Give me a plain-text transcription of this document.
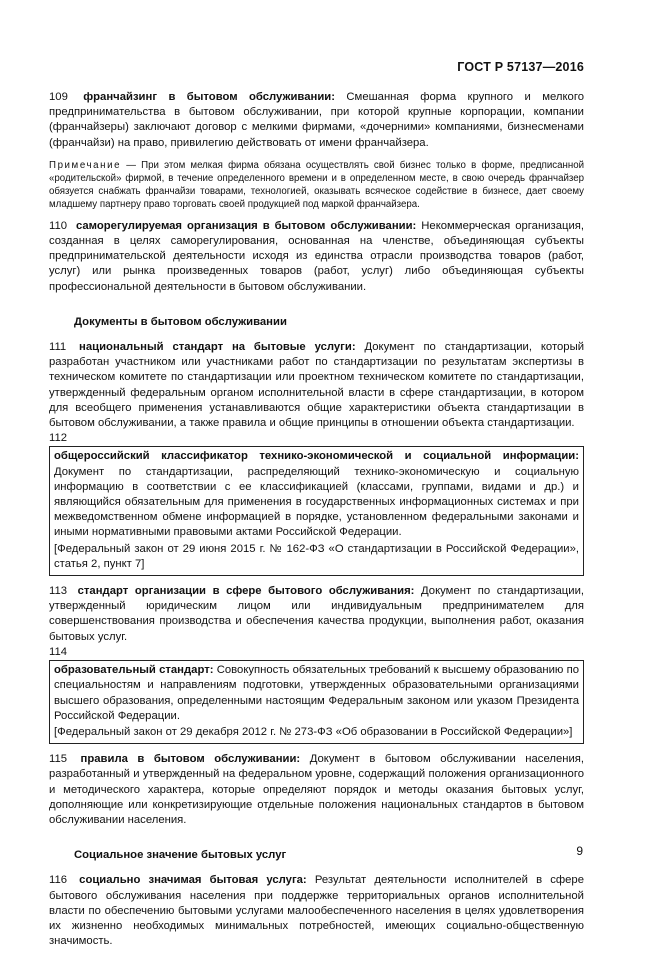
ГОСТ Р 57137—2016

109 франчайзинг в бытовом обслуживании: Смешанная форма крупного и мелкого предпринимательства в бытовом обслуживании, при которой крупные корпорации, компании (франчайзеры) заключают договор с мелкими фирмами, «дочерними» компаниями, бизнесменами (франчайзи) на право, привилегию действовать от имени франчайзера.

Примечание — При этом мелкая фирма обязана осуществлять свой бизнес только в форме, предписанной «родительской» фирмой, в течение определенного времени и в определенном месте, в свою очередь франчайзер обязуется снабжать франчайзи товарами, технологией, оказывать всяческое содействие в бизнесе, дает своему младшему партнеру право торговать своей продукцией под маркой франчайзера.

110 саморегулируемая организация в бытовом обслуживании: Некоммерческая организация, созданная в целях саморегулирования, основанная на членстве, объединяющая субъекты предпринимательской деятельности исходя из единства отрасли производства товаров (работ, услуг) или рынка произведенных товаров (работ, услуг) либо объединяющая субъекты профессиональной деятельности в бытовом обслуживании.

Документы в бытовом обслуживании

111 национальный стандарт на бытовые услуги: Документ по стандартизации, который разработан участником или участниками работ по стандартизации по результатам экспертизы в техническом комитете по стандартизации или проектном техническом комитете по стандартизации, утвержденный федеральным органом исполнительной власти в сфере стандартизации, в котором для всеобщего применения устанавливаются общие характеристики объекта стандартизации в бытовом обслуживании, а также правила и общие принципы в отношении объекта стандартизации.

112

общероссийский классификатор технико-экономической и социальной информации: Документ по стандартизации, распределяющий технико-экономическую и социальную информацию в соответствии с ее классификацией (классами, группами, видами и др.) и являющийся обязательным для применения в государственных информационных системах и при межведомственном обмене информацией в порядке, установленном федеральными законами и иными нормативными правовыми актами Российской Федерации.

[Федеральный закон от 29 июня 2015 г. № 162-ФЗ «О стандартизации в Российской Федерации», статья 2, пункт 7]

113 стандарт организации в сфере бытового обслуживания: Документ по стандартизации, утвержденный юридическим лицом или индивидуальным предпринимателем для совершенствования производства и обеспечения качества продукции, выполнения работ, оказания бытовых услуг.

114

образовательный стандарт: Совокупность обязательных требований к высшему образованию по специальностям и направлениям подготовки, утвержденных образовательными организациями высшего образования, определенными настоящим Федеральным законом или указом Президента Российской Федерации.

[Федеральный закон от 29 декабря 2012 г. № 273-ФЗ «Об образовании в Российской Федерации»]

115 правила в бытовом обслуживании: Документ в бытовом обслуживании населения, разработанный и утвержденный на федеральном уровне, содержащий положения организационного и методического характера, которые определяют порядок и методы оказания бытовых услуг, дополняющие или конкретизирующие отдельные положения национальных стандартов в бытовом обслуживании населения.

Социальное значение бытовых услуг

116 социально значимая бытовая услуга: Результат деятельности исполнителей в сфере бытового обслуживания населения при поддержке территориальных органов исполнительной власти по обеспечению бытовыми услугами малообеспеченного населения в целях удовлетворения их жизненно необходимых минимальных потребностей, имеющих социально-общественную значимость.

9
